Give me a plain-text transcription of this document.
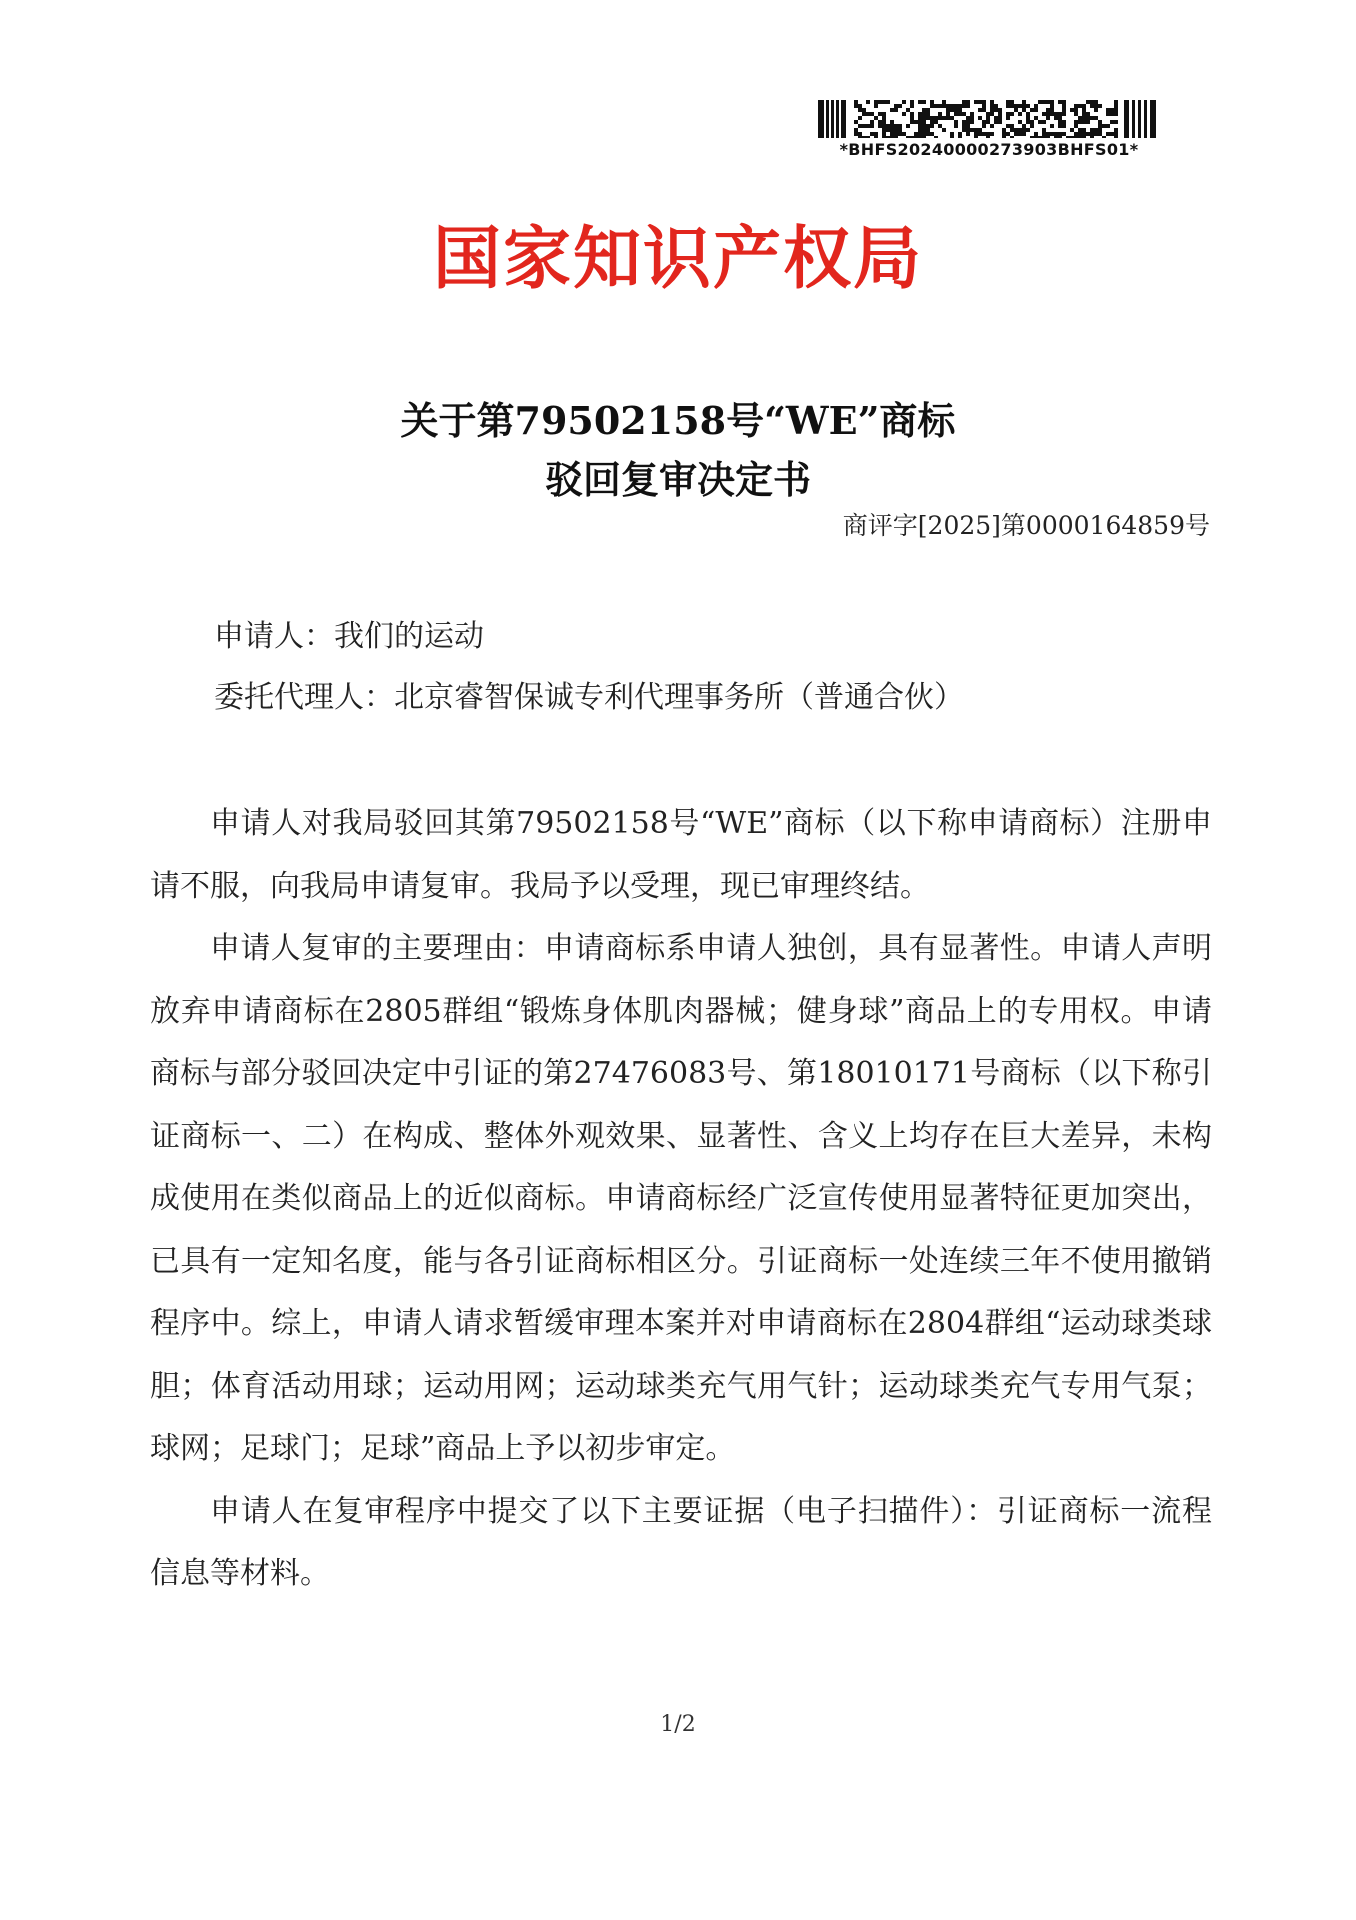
*BHFS20240000273903BHFS01*
国家知识产权局
关于第79502158号“WE”商标
驳回复审决定书
商评字[2025]第0000164859号
申请人：我们的运动
委托代理人：北京睿智保诚专利代理事务所（普通合伙）

申请人对我局驳回其第79502158号“WE”商标（以下称申请商标）注册申请不服，向我局申请复审。我局予以受理，现已审理终结。

申请人复审的主要理由：申请商标系申请人独创，具有显著性。申请人声明放弃申请商标在2805群组“锻炼身体肌肉器械；健身球”商品上的专用权。申请商标与部分驳回决定中引证的第27476083号、第18010171号商标（以下称引证商标一、二）在构成、整体外观效果、显著性、含义上均存在巨大差异，未构成使用在类似商品上的近似商标。申请商标经广泛宣传使用显著特征更加突出，已具有一定知名度，能与各引证商标相区分。引证商标一处连续三年不使用撤销程序中。综上，申请人请求暂缓审理本案并对申请商标在2804群组“运动球类球胆；体育活动用球；运动用网；运动球类充气用气针；运动球类充气专用气泵；球网；足球门；足球”商品上予以初步审定。

申请人在复审程序中提交了以下主要证据（电子扫描件）：引证商标一流程信息等材料。

1/2
